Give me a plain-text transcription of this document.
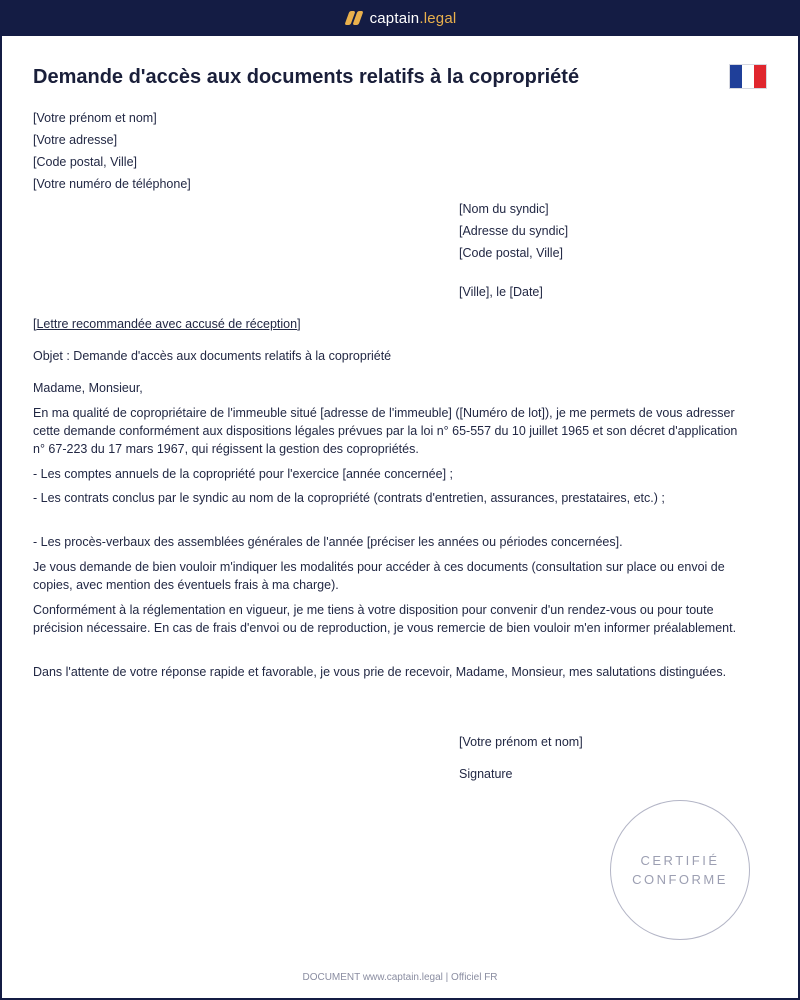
captain.legal
Demande d'accès aux documents relatifs à la copropriété
[Votre prénom et nom]
[Votre adresse]
[Code postal, Ville]
[Votre numéro de téléphone]
[Nom du syndic]
[Adresse du syndic]
[Code postal, Ville]
[Ville], le [Date]
[Lettre recommandée avec accusé de réception]
Objet : Demande d'accès aux documents relatifs à la copropriété
Madame, Monsieur,

En ma qualité de copropriétaire de l'immeuble situé [adresse de l'immeuble] ([Numéro de lot]), je me permets de vous adresser cette demande conformément aux dispositions légales prévues par la loi n° 65-557 du 10 juillet 1965 et son décret d'application n° 67-223 du 17 mars 1967, qui régissent la gestion des copropriétés.

- Les comptes annuels de la copropriété pour l'exercice [année concernée] ;

- Les contrats conclus par le syndic au nom de la copropriété (contrats d'entretien, assurances, prestataires, etc.) ;

- Les procès-verbaux des assemblées générales de l'année [préciser les années ou périodes concernées].

Je vous demande de bien vouloir m'indiquer les modalités pour accéder à ces documents (consultation sur place ou envoi de copies, avec mention des éventuels frais à ma charge).

Conformément à la réglementation en vigueur, je me tiens à votre disposition pour convenir d'un rendez-vous ou pour toute précision nécessaire. En cas de frais d'envoi ou de reproduction, je vous remercie de bien vouloir m'en informer préalablement.

Dans l'attente de votre réponse rapide et favorable, je vous prie de recevoir, Madame, Monsieur, mes salutations distinguées.

[Votre prénom et nom]
Signature
CERTIFIÉ
CONFORME
DOCUMENT www.captain.legal | Officiel FR
